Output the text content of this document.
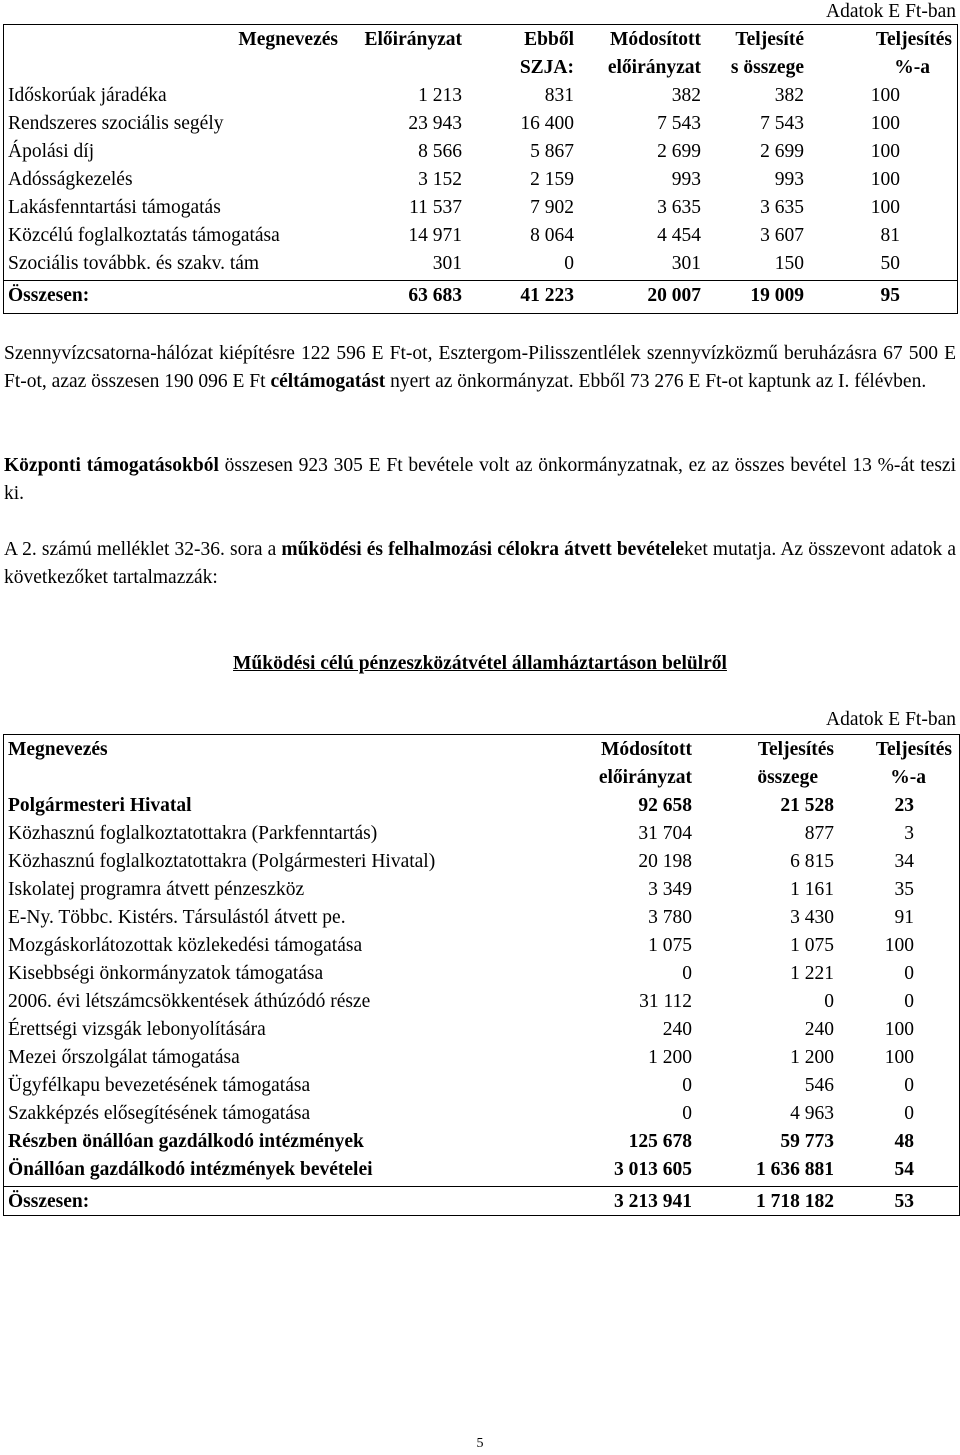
Adatok E Ft-ban
Megnevezés	Előirányzat	Ebből	Módosított	Teljesíté	Teljesítés
		SZJA:	előirányzat	s összege	%-a
Időskorúak járadéka	1 213	831	382	382	100
Rendszeres szociális segély	23 943	16 400	7 543	7 543	100
Ápolási díj	8 566	5 867	2 699	2 699	100
Adósságkezelés	3 152	2 159	993	993	100
Lakásfenntartási támogatás	11 537	7 902	3 635	3 635	100
Közcélú foglalkoztatás támogatása	14 971	8 064	4 454	3 607	81
Szociális továbbk. és szakv. tám	301	0	301	150	50
Összesen:	63 683	41 223	20 007	19 009	95
Szennyvízcsatorna-hálózat kiépítésre 122 596 E Ft-ot, Esztergom-Pilisszentlélek szennyvízközmű beruházásra 67 500 E Ft-ot, azaz összesen 190 096 E Ft céltámogatást nyert az önkormányzat. Ebből 73 276 E Ft-ot kaptunk az I. félévben.
Központi támogatásokból összesen 923 305 E Ft bevétele volt az önkormányzatnak, ez az összes bevétel 13 %-át teszi ki.
A 2. számú melléklet 32-36. sora a működési és felhalmozási célokra átvett bevételeket mutatja. Az összevont adatok a következőket tartalmazzák:
Működési célú pénzeszközátvétel államháztartáson belülről
Adatok E Ft-ban
Megnevezés	Módosított	Teljesítés	Teljesítés
	előirányzat	összege	%-a
Polgármesteri Hivatal	92 658	21 528	23
Közhasznú foglalkoztatottakra (Parkfenntartás)	31 704	877	3
Közhasznú foglalkoztatottakra (Polgármesteri Hivatal)	20 198	6 815	34
Iskolatej programra átvett pénzeszköz	3 349	1 161	35
E-Ny. Többc. Kistérs. Társulástól átvett pe.	3 780	3 430	91
Mozgáskorlátozottak közlekedési támogatása	1 075	1 075	100
Kisebbségi önkormányzatok támogatása	0	1 221	0
2006. évi létszámcsökkentések áthúzódó része	31 112	0	0
Érettségi vizsgák lebonyolítására	240	240	100
Mezei őrszolgálat támogatása	1 200	1 200	100
Ügyfélkapu bevezetésének támogatása	0	546	0
Szakképzés elősegítésének támogatása	0	4 963	0
Részben önállóan gazdálkodó intézmények	125 678	59 773	48
Önállóan gazdálkodó intézmények bevételei	3 013 605	1 636 881	54
Összesen:	3 213 941	1 718 182	53
5
